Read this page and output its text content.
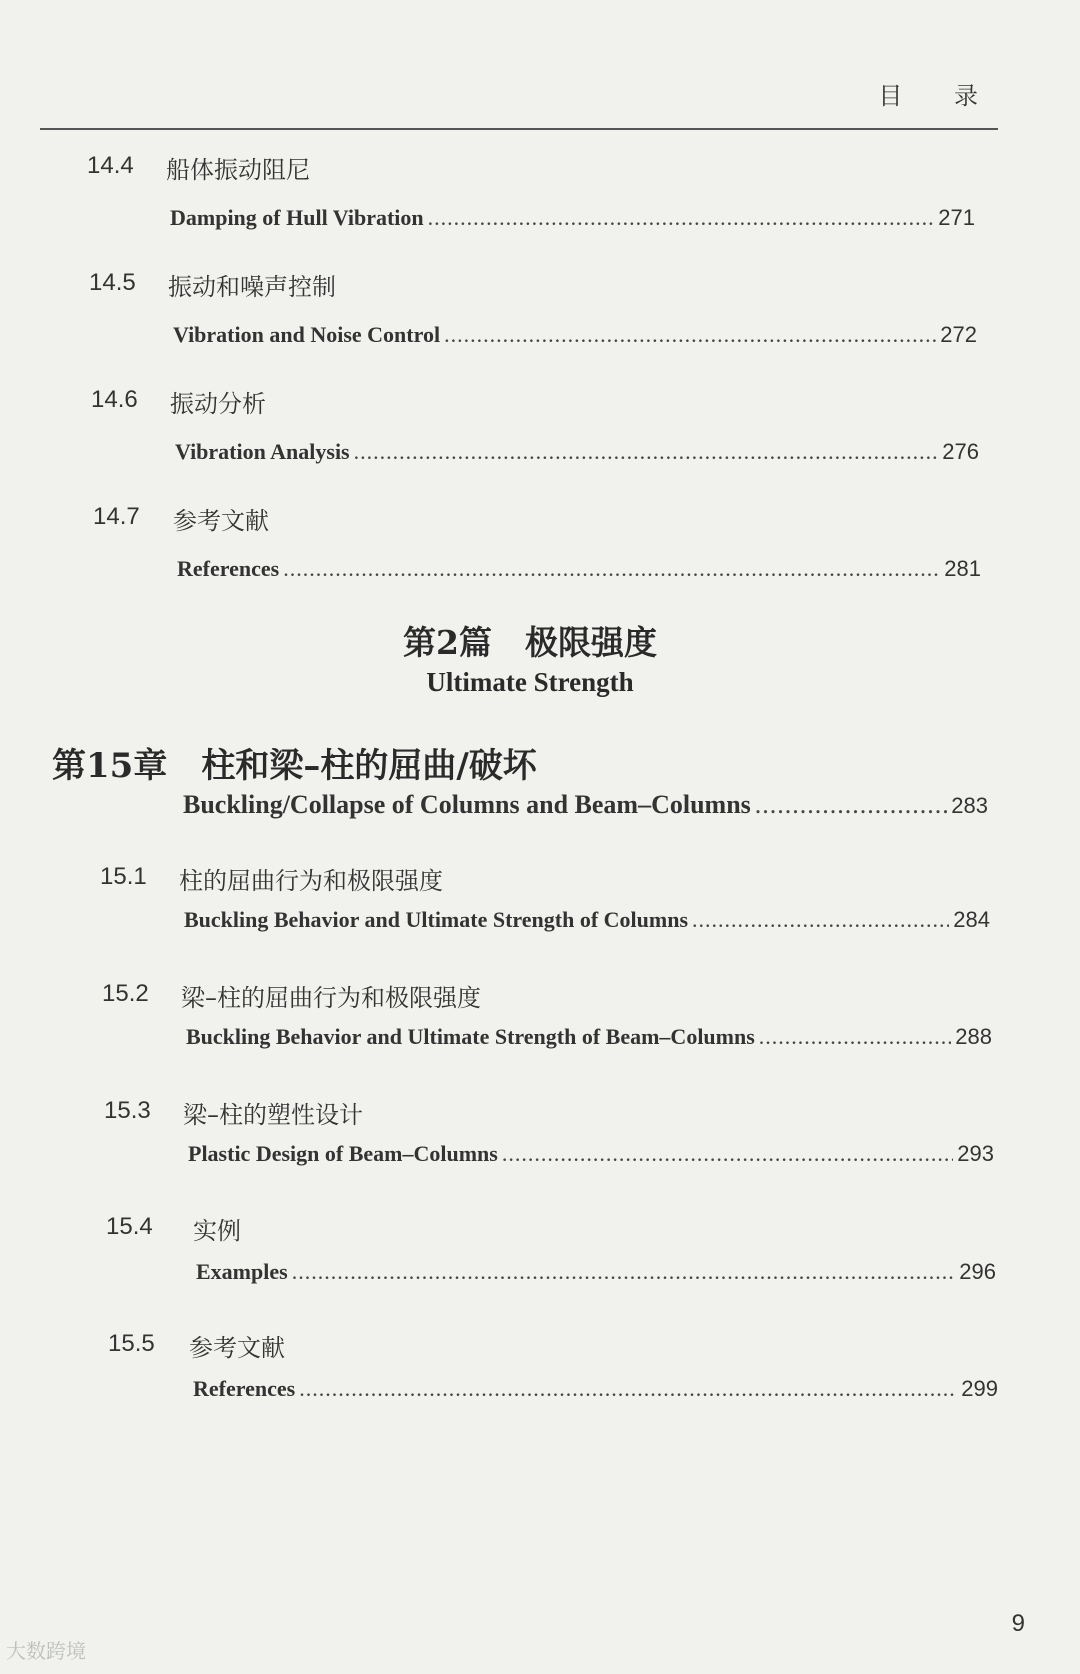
目 录
14.4 船体振动阻尼
Damping of Hull Vibration .....	271
14.5 振动和噪声控制
Vibration and Noise Control .....	272
14.6 振动分析
Vibration Analysis .....	276
14.7 参考文献
References .....	281
第2篇　极限强度
Ultimate Strength
第15章　柱和梁–柱的屈曲/破坏
Buckling/Collapse of Columns and Beam–Columns .....	283
15.1 柱的屈曲行为和极限强度
Buckling Behavior and Ultimate Strength of Columns .....	284
15.2 梁–柱的屈曲行为和极限强度
Buckling Behavior and Ultimate Strength of Beam–Columns .....	288
15.3 梁–柱的塑性设计
Plastic Design of Beam–Columns .....	293
15.4 实例
Examples .....	296
15.5 参考文献
References .....	299
9
大数跨境
